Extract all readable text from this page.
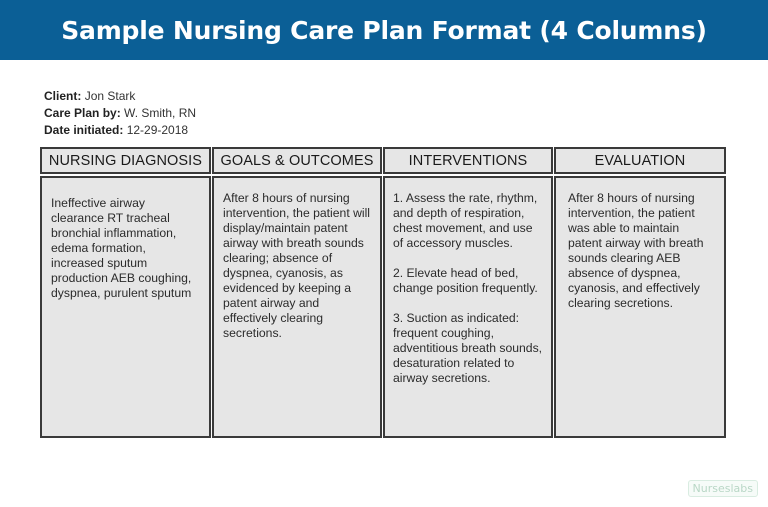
Sample Nursing Care Plan Format (4 Columns)
Client: Jon Stark
Care Plan by: W. Smith, RN
Date initiated: 12-29-2018
NURSING DIAGNOSIS

Ineffective airway clearance RT tracheal bronchial inflammation, edema formation, increased sputum production AEB coughing, dyspnea, purulent sputum

GOALS & OUTCOMES

After 8 hours of nursing intervention, the patient will display/maintain patent airway with breath sounds clearing; absence of dyspnea, cyanosis, as evidenced by keeping a patent airway and effectively clearing secretions.

INTERVENTIONS

1. Assess the rate, rhythm, and depth of respiration, chest movement, and use of accessory muscles.

2. Elevate head of bed, change position frequently.

3. Suction as indicated: frequent coughing, adventitious breath sounds, desaturation related to airway secretions.

EVALUATION

After 8 hours of nursing intervention, the patient was able to maintain patent airway with breath sounds clearing AEB absence of dyspnea, cyanosis, and effectively clearing secretions.

Nurseslabs
